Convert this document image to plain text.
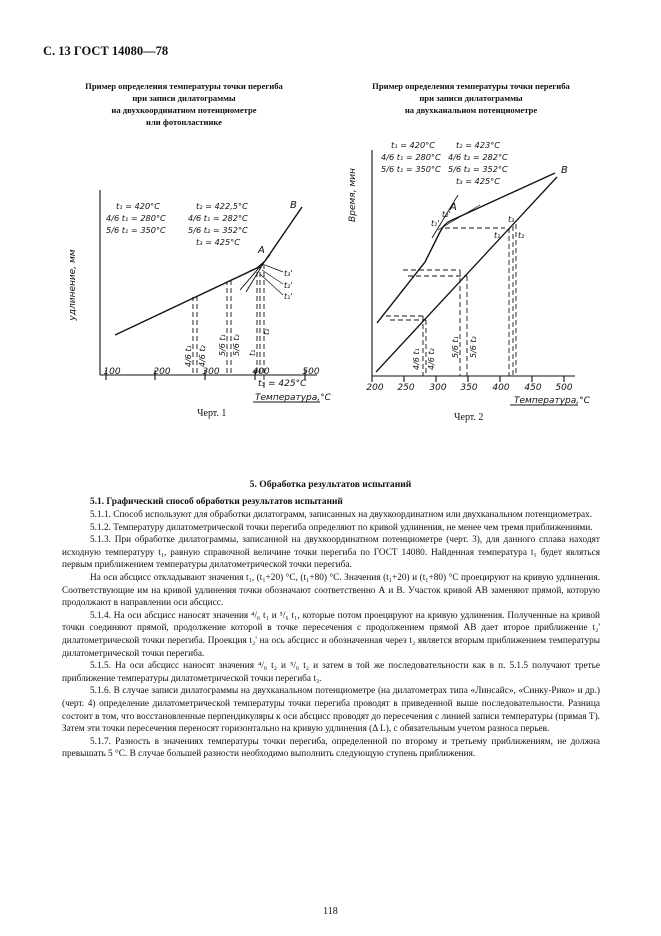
С. 13 ГОСТ 14080—78
Пример определения температуры точки перегиба
при записи дилатограммы
на двухкоординатном потенциометре
или фотопластинке
Пример определения температуры точки перегиба
при записи дилатограммы
на двухканальном потенциометре
удлинение, мм
100	200	300	400	500
t₃ = 425°С
Температура,°С
t₁ = 420°С
4/6 t₁ = 280°С
5/6 t₁ = 350°С
t₂ = 422,5°С
4/6 t₁ = 282°С
5/6 t₂ = 352°С
t₃ = 425°С
A
B
t₃'
t₂'
t₁'
4/6 t₁ 4/6 t₂
5/6 t₁ 5/6 t₂ t₁
t₂
Черт. 1
Время, мин
200 250 300 350 400 450 500
Температура,°С
t₁ = 420°С
4/6 t₁ = 280°С
5/6 t₁ = 350°С
t₂ = 423°С
4/6 t₂ = 282°С
5/6 t₂ = 352°С
t₃ = 425°С
A
B
t₁'
t₂'
t₃
t₁ t₂
4/6 t₁ 4/6 t₂
5/6 t₁ 5/6 t₂
Черт. 2
5. Обработка результатов испытаний
5.1. Графический способ обработки результатов испытаний

5.1.1. Способ используют для обработки дилатограмм, записанных на двухкоординатном или двухканальном потенциометрах.

5.1.2. Температуру дилатометрической точки перегиба определяют по кривой удлинения, не менее чем тремя приближениями.

5.1.3. При обработке дилатограммы, записанной на двухкоординатном потенциометре (черт. 3), для данного сплава находят исходную температуру t₁, равную справочной величине точки перегиба по ГОСТ 14080. Найденная температура t₁ будет являться первым приближением температуры дилатометрической точки перегиба.

На оси абсцисс откладывают значения t₁, (t₁+20) °С, (t₁+80) °С. Значения (t₁+20) и (t₁+80) °С проецируют на кривую удлинения. Соответствующие им на кривой удлинения точки обозначают соответственно А и В. Участок кривой АВ заменяют прямой, которую продолжают в направлении оси абсцисс.

5.1.4. На оси абсцисс наносят значения ⁴/₆ t₁ и ⁵/₆ t₁, которые потом проецируют на кривую удлинения. Полученные на кривой точки соединяют прямой, продолжение которой в точке пересечения с продолжением прямой АВ дает второе приближение t₂' дилатометрической точки перегиба. Проекция t₂' на ось абсцисс и обозначенная через t₂ является вторым приближением температуры дилатометрической точки перегиба.

5.1.5. На оси абсцисс наносят значения ⁴/₆ t₂ и ⁵/₆ t₂ и затем в той же последовательности как в п. 5.1.5 получают третье приближение температуры дилатометрической точки перегиба t₃.

5.1.6. В случае записи дилатограммы на двухканальном потенциометре (на дилатометрах типа «Линсайс», «Синку-Рико» и др.) (черт. 4) определение дилатометрической температуры точки перегиба проводят в приведенной выше последовательности. Разница состоит в том, что восстановленные перпендикуляры к оси абсцисс проводят до пересечения с линией записи температуры (прямая Т). Затем эти точки пересечения переносят горизонтально на кривую удлинения (Δ L), с обязательным учетом разноса перьев.

5.1.7. Разность в значениях температуры точки перегиба, определенной по второму и третьему приближениям, не должна превышать 5 °С. В случае большей разности необходимо выполнить следующую ступень приближения.

118
